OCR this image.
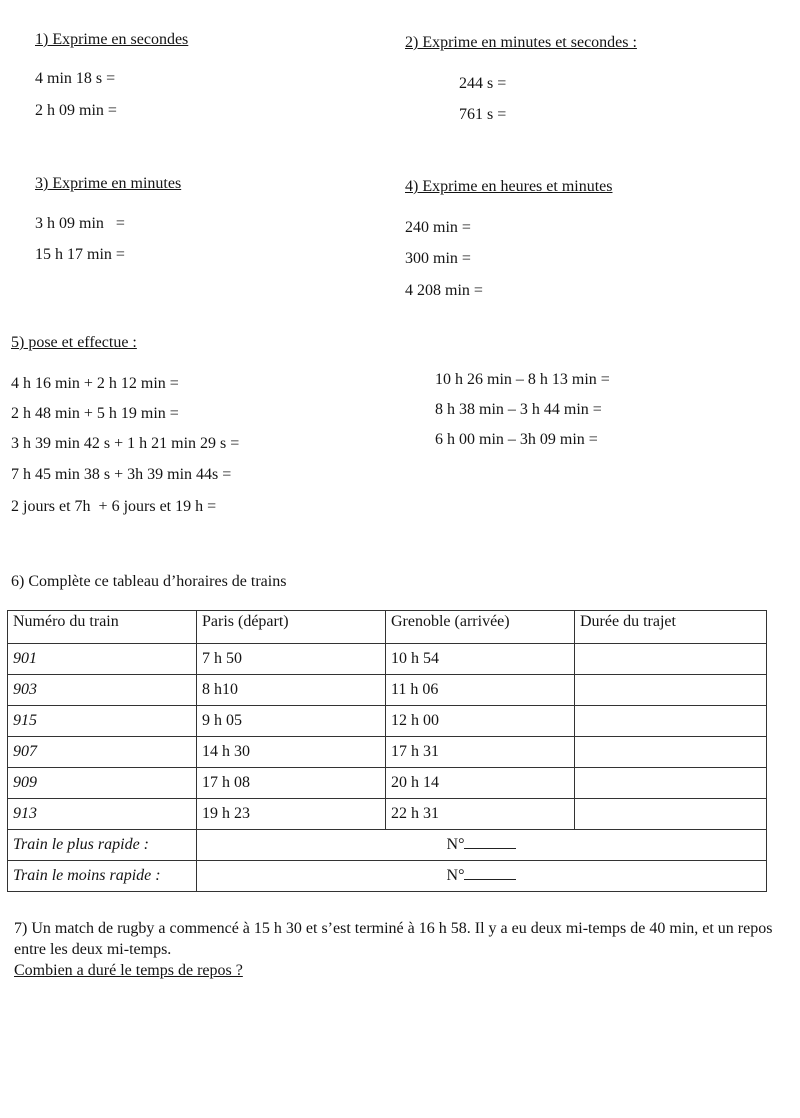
1) Exprime en secondes
4 min 18 s =
2 h 09 min =
2) Exprime en minutes et secondes :
244 s =
761 s =
3) Exprime en minutes
3 h 09 min   =
15 h 17 min =
4) Exprime en heures et minutes
240 min =
300 min =
4 208 min =
5) pose et effectue :
4 h 16 min + 2 h 12 min =
2 h 48 min + 5 h 19 min =
3 h 39 min 42 s + 1 h 21 min 29 s =
7 h 45 min 38 s + 3h 39 min 44s =
2 jours et 7h  + 6 jours et 19 h =
10 h 26 min – 8 h 13 min =
8 h 38 min – 3 h 44 min =
6 h 00 min – 3h 09 min =
6) Complète ce tableau d’horaires de trains
Numéro du train	Paris (départ)	Grenoble (arrivée)	Durée du trajet
901	7 h 50	10 h 54	
903	8 h10	11 h 06	
915	9 h 05	12 h 00	
907	14 h 30	17 h 31	
909	17 h 08	20 h 14	
913	19 h 23	22 h 31	
Train le plus rapide :	N°		
Train le moins rapide :	N°		
7) Un match de rugby a commencé à 15 h 30 et s’est terminé à 16 h 58. Il y a eu deux mi-temps de 40 min, et un repos entre les deux mi-temps.
Combien a duré le temps de repos ?
